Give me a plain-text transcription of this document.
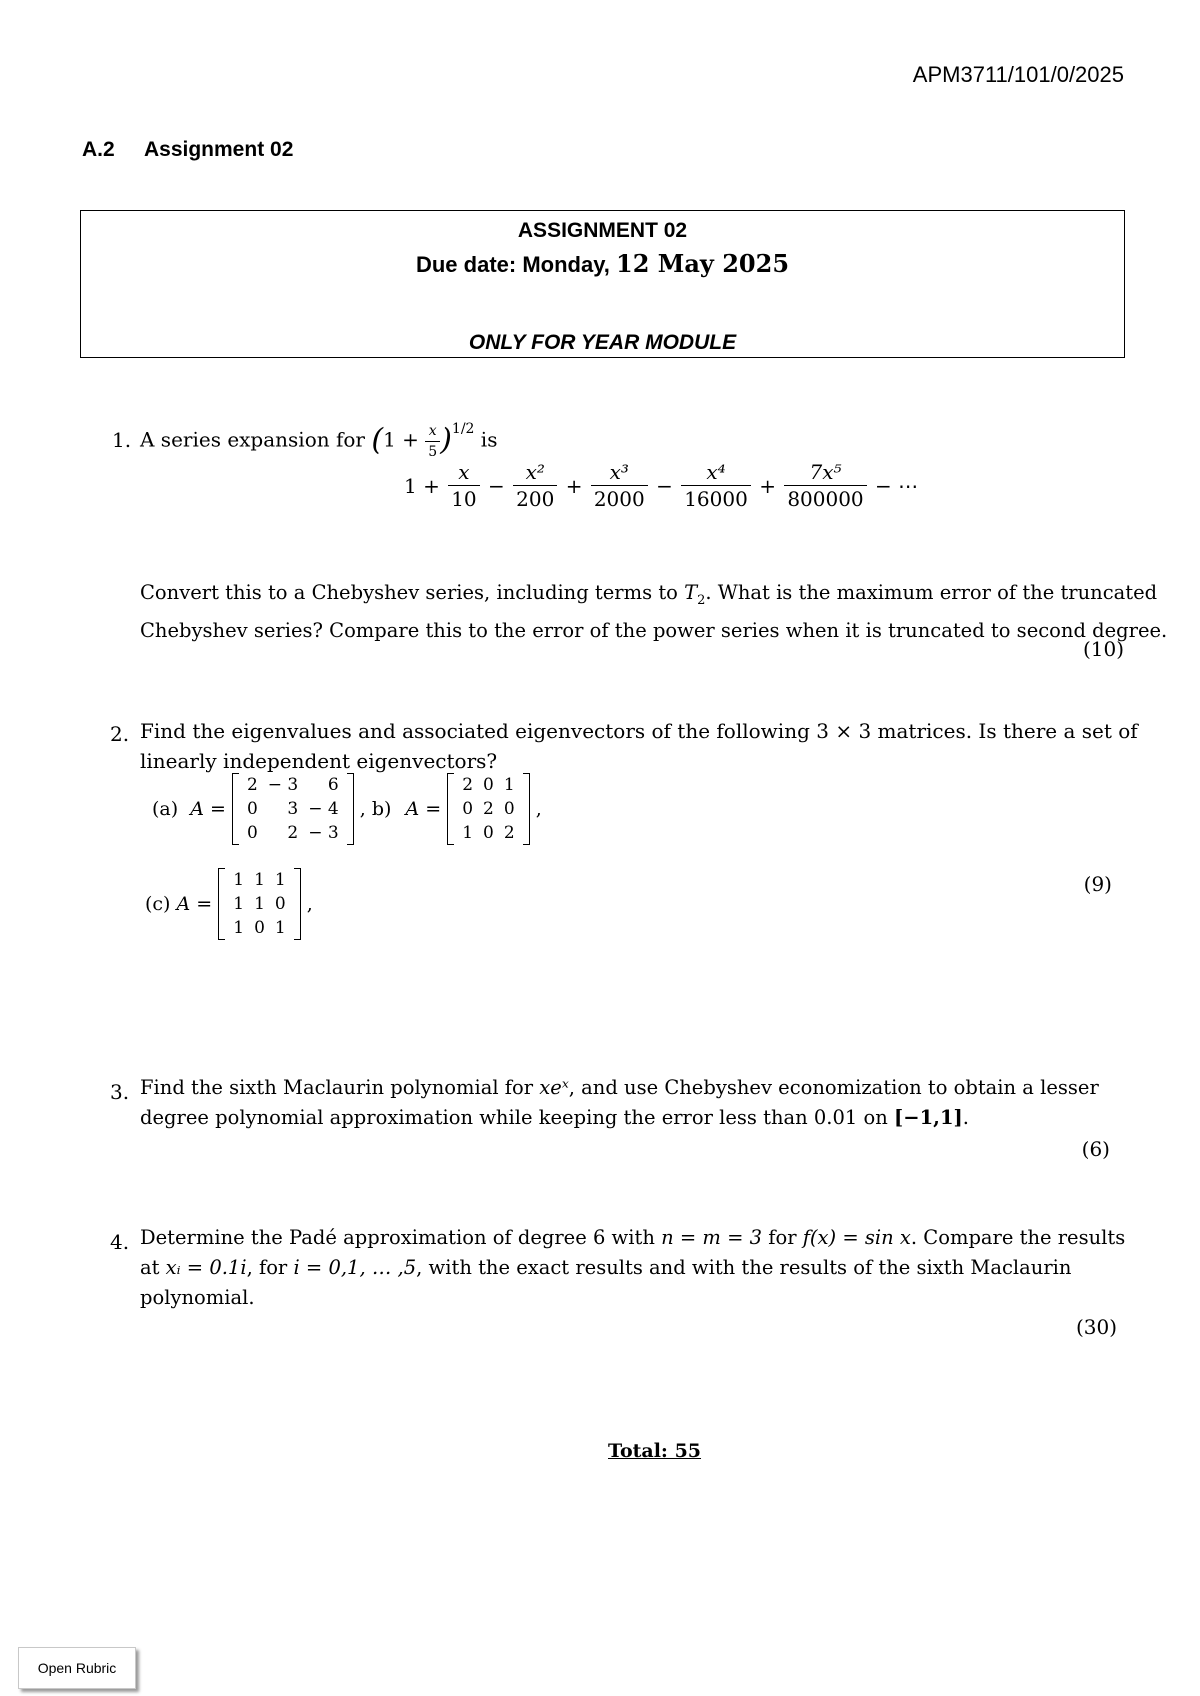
APM3711/101/0/2025
A.2 Assignment 02
ASSIGNMENT 02
Due date: Monday, 12 May 2025
ONLY FOR YEAR MODULE
1. A series expansion for $(1 + \frac{x}{5} )^{1/2}$ is
$1 + \frac{x}{10} - \frac{\text{x²}}{200} + \frac{\text{x³}}{2000} - \frac{\text{x⁴}}{16000} + \frac{\text{7x⁵}}{800000}$ − ⋯
Convert this to a Chebyshev series, including terms to $T_2$. What is the maximum error of the truncated
Chebyshev series? Compare this to the error of the power series when it is truncated to second degree.
(10)
2. Find the eigenvalues and associated eigenvectors of the following 3 × 3 matrices. Is there a set of
linearly independent eigenvectors?
(a) A =
2	− 3	6
0	3	− 4
0	2	− 3
, b) A =
2	0	1
0	2	0
1	0	2
,
(c) A =
1	1	1
1	1	0
1	0	1
,
(9)
3. Find the sixth Maclaurin polynomial for xeˣ, and use Chebyshev economization to obtain a lesser
degree polynomial approximation while keeping the error less than 0.01 on [−1,1].
(6)
4. Determine the Padé approximation of degree 6 with n = m = 3 for f(x) = sin x. Compare the results
at xᵢ = 0.1i, for i = 0,1, … ,5, with the exact results and with the results of the sixth Maclaurin
polynomial.
(30)
Total: 55
Open Rubric
